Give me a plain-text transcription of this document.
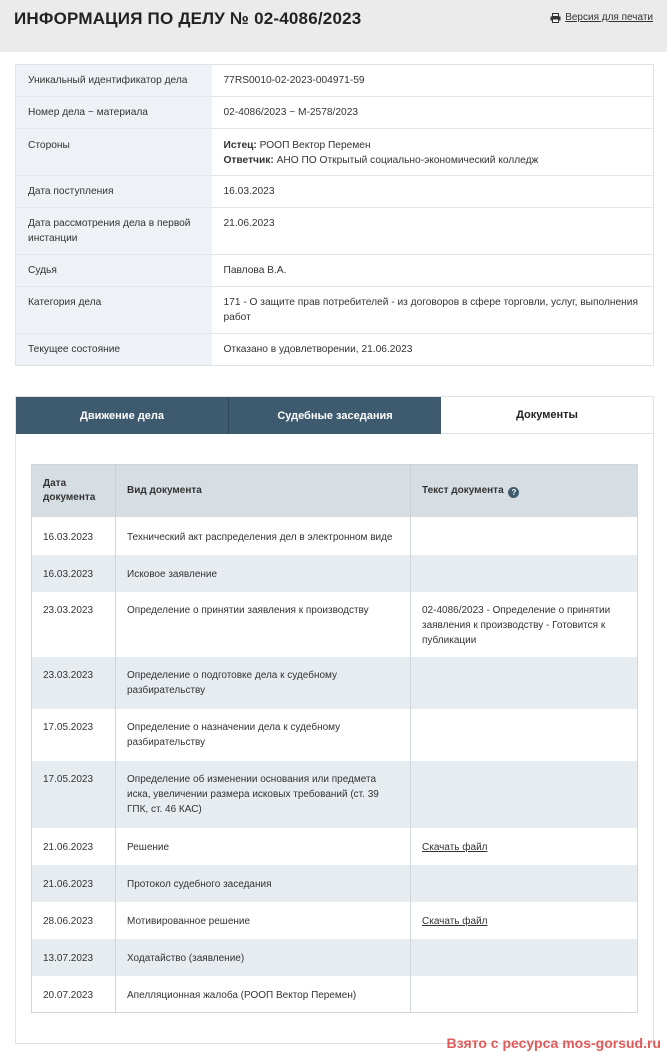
ИНФОРМАЦИЯ ПО ДЕЛУ № 02-4086/2023	Версия для печати
Уникальный идентификатор дела	77RS0010-02-2023-004971-59
Номер дела ~ материала	02-4086/2023 ~ М-2578/2023
Стороны	Истец: РООП Вектор Перемен
Ответчик: АНО ПО Открытый социально-экономический колледж

Дата поступления	16.03.2023
Дата рассмотрения дела в первой инстанции	21.06.2023
Судья	Павлова В.А.
Категория дела	171 - О защите прав потребителей - из договоров в сфере торговли, услуг, выполнения работ
Текущее состояние	Отказано в удовлетворении, 21.06.2023
Движение дела	Судебные заседания	Документы
Дата документа	Вид документа	Текст документа ?
16.03.2023	Технический акт распределения дел в электронном виде	
16.03.2023	Исковое заявление	
23.03.2023	Определение о принятии заявления к производству	02-4086/2023 - Определение о принятии заявления к производству - Готовится к публикации
23.03.2023	Определение о подготовке дела к судебному разбирательству	
17.05.2023	Определение о назначении дела к судебному разбирательству	
17.05.2023	Определение об изменении основания или предмета иска, увеличении размера исковых требований (ст. 39 ГПК, ст. 46 КАС)	
21.06.2023	Решение	Скачать файл
21.06.2023	Протокол судебного заседания	
28.06.2023	Мотивированное решение	Скачать файл
13.07.2023	Ходатайство (заявление)	
20.07.2023	Апелляционная жалоба (РООП Вектор Перемен)	
Взято с ресурса mos-gorsud.ru
